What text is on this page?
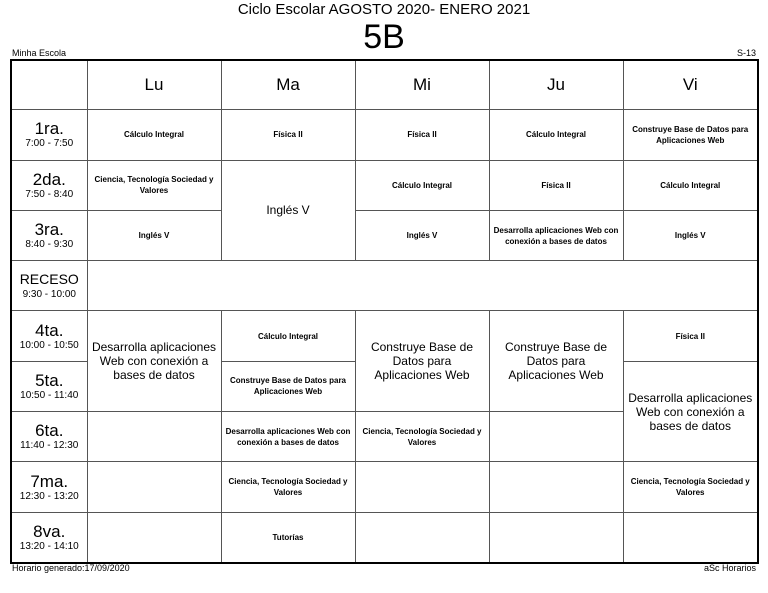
Ciclo Escolar AGOSTO 2020- ENERO 2021
5B
Minha Escola	S-13
	Lu	Ma	Mi	Ju	Vi

1ra.
7:00 - 7:50	Cálculo Integral	Física II	Física II	Cálculo Integral	Construye Base de Datos para Aplicaciones Web

2da.
7:50 - 8:40	Ciencia, Tecnología Sociedad y Valores	Inglés V	Cálculo Integral	Física II	Cálculo Integral

3ra.
8:40 - 9:30	Inglés V		Inglés V	Desarrolla aplicaciones Web con conexión a bases de datos	Inglés V

RECESO
9:30 - 10:00					

4ta.
10:00 - 10:50	Desarrolla aplicaciones Web con conexión a bases de datos	Cálculo Integral	Construye Base de Datos para Aplicaciones Web	Construye Base de Datos para Aplicaciones Web	Física II

5ta.
10:50 - 11:40		Construye Base de Datos para Aplicaciones Web			Desarrolla aplicaciones Web con conexión a bases de datos

6ta.
11:40 - 12:30		Desarrolla aplicaciones Web con conexión a bases de datos	Ciencia, Tecnología Sociedad y Valores		

7ma.
12:30 - 13:20		Ciencia, Tecnología Sociedad y Valores			Ciencia, Tecnología Sociedad y Valores

8va.
13:20 - 14:10		Tutorías			
Horario generado:17/09/2020	aSc Horarios
